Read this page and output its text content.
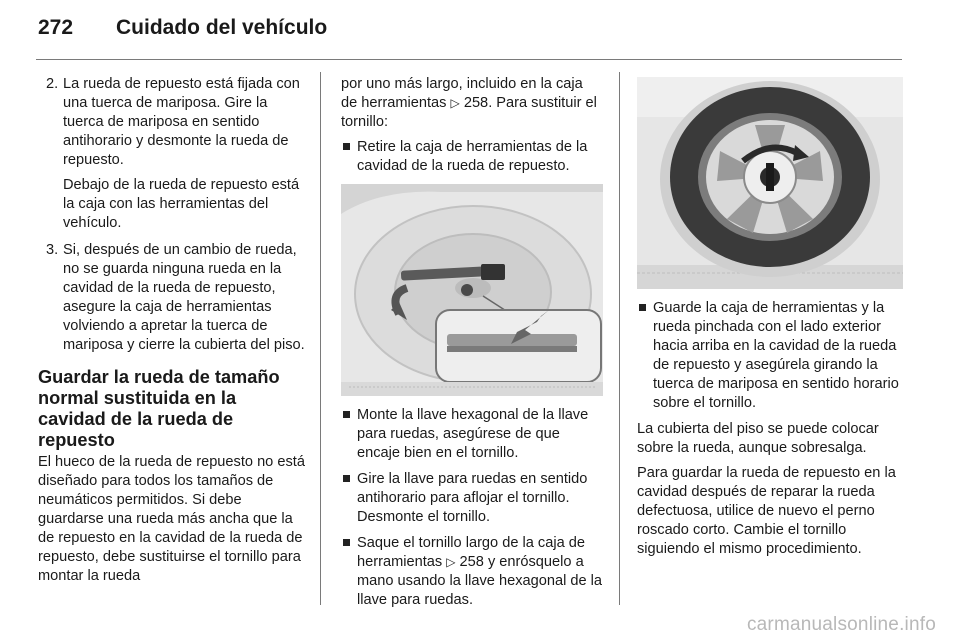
272 Cuidado del vehículo
2. La rueda de repuesto está fijada con una tuerca de mariposa. Gire la tuerca de mariposa en sentido antihorario y desmonte la rueda de repuesto.
Debajo de la rueda de repuesto está la caja con las herramientas del vehículo.
3. Si, después de un cambio de rueda, no se guarda ninguna rueda en la cavidad de la rueda de repuesto, asegure la caja de herramientas volviendo a apretar la tuerca de mariposa y cierre la cubierta del piso.
Guardar la rueda de tamaño normal sustituida en la cavidad de la rueda de repuesto
El hueco de la rueda de repuesto no está diseñado para todos los tamaños de neumáticos permitidos. Si debe guardarse una rueda más ancha que la de repuesto en la cavidad de la rueda de repuesto, debe sustituirse el tornillo para montar la rueda
por uno más largo, incluido en la caja de herramientas ▷ 258. Para sustituir el tornillo:
Retire la caja de herramientas de la cavidad de la rueda de repuesto.
Monte la llave hexagonal de la llave para ruedas, asegúrese de que encaje bien en el tornillo.
Gire la llave para ruedas en sentido antihorario para aflojar el tornillo. Desmonte el tornillo.
Saque el tornillo largo de la caja de herramientas ▷ 258 y enrósquelo a mano usando la llave hexagonal de la llave para ruedas.
Guarde la caja de herramientas y la rueda pinchada con el lado exterior hacia arriba en la cavidad de la rueda de repuesto y asegúrela girando la tuerca de mariposa en sentido horario sobre el tornillo.
La cubierta del piso se puede colocar sobre la rueda, aunque sobresalga.
Para guardar la rueda de repuesto en la cavidad después de reparar la rueda defectuosa, utilice de nuevo el perno roscado corto. Cambie el tornillo siguiendo el mismo procedimiento.
carmanualsonline.info
